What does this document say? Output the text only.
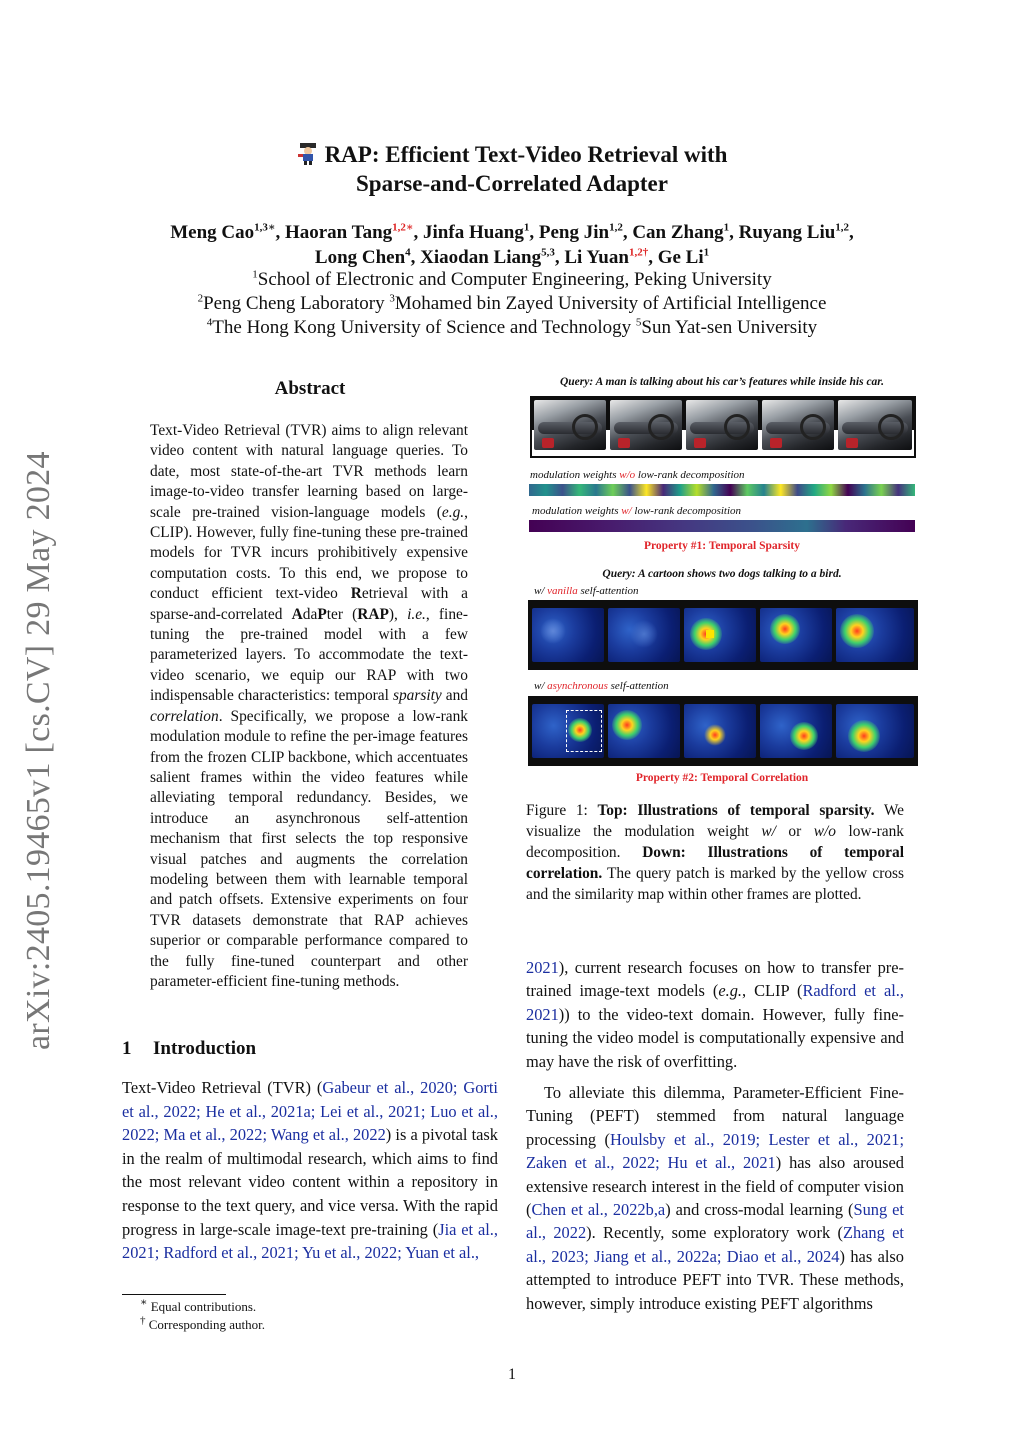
arXiv:2405.19465v1 [cs.CV] 29 May 2024
RAP: Efficient Text-Video Retrieval with
Sparse-and-Correlated Adapter
Meng Cao$^{1,3∗}$, Haoran Tang$^{1,2∗}$, Jinfa Huang$^1$, Peng Jin$^{1,2}$, Can Zhang$^1$, Ruyang Liu$^{1,2}$,
Long Chen$^4$, Xiaodan Liang$^{5,3}$, Li Yuan$^{1,2\dagger}$, Ge Li$^1$
$^1$School of Electronic and Computer Engineering, Peking University
$^2$Peng Cheng Laboratory $^3$Mohamed bin Zayed University of Artificial Intelligence
$^4$The Hong Kong University of Science and Technology $^5$Sun Yat-sen University
Abstract
Text-Video Retrieval (TVR) aims to align relevant video content with natural language queries. To date, most state-of-the-art TVR methods learn image-to-video transfer learning based on large-scale pre-trained vision-language models (e.g., CLIP). However, fully fine-tuning these pre-trained models for TVR incurs prohibitively expensive computation costs. To this end, we propose to conduct efficient text-video Retrieval with a sparse-and-correlated AdaPter (RAP), i.e., fine-tuning the pre-trained model with a few parameterized layers. To accommodate the text-video scenario, we equip our RAP with two indispensable characteristics: temporal sparsity and correlation. Specifically, we propose a low-rank modulation module to refine the per-image features from the frozen CLIP backbone, which accentuates salient frames within the video features while alleviating temporal redundancy. Besides, we introduce an asynchronous self-attention mechanism that first selects the top responsive visual patches and augments the correlation modeling between them with learnable temporal and patch offsets. Extensive experiments on four TVR datasets demonstrate that RAP achieves superior or comparable performance compared to the fully fine-tuned counterpart and other parameter-efficient fine-tuning methods.
1 Introduction
Text-Video Retrieval (TVR) (Gabeur et al., 2020; Gorti et al., 2022; He et al., 2021a; Lei et al., 2021; Luo et al., 2022; Ma et al., 2022; Wang et al., 2022) is a pivotal task in the realm of multimodal research, which aims to find the most relevant video content within a repository in response to the text query, and vice versa. With the rapid progress in large-scale image-text pre-training (Jia et al., 2021; Radford et al., 2021; Yu et al., 2022; Yuan et al.,
∗ Equal contributions.
† Corresponding author.
1
Query: A man is talking about his car’s features while inside his car.
modulation weights w/o low-rank decomposition
modulation weights w/ low-rank decomposition
Property #1: Temporal Sparsity
Query: A cartoon shows two dogs talking to a bird.
w/ vanilla self-attention
w/ asynchronous self-attention
Property #2: Temporal Correlation
Figure 1: Top: Illustrations of temporal sparsity. We visualize the modulation weight w/ or w/o low-rank decomposition. Down: Illustrations of temporal correlation. The query patch is marked by the yellow cross and the similarity map within other frames are plotted.
2021), current research focuses on how to transfer pre-trained image-text models (e.g., CLIP (Radford et al., 2021)) to the video-text domain. However, fully fine-tuning the video model is computationally expensive and may have the risk of overfitting.
To alleviate this dilemma, Parameter-Efficient Fine-Tuning (PEFT) stemmed from natural language processing (Houlsby et al., 2019; Lester et al., 2021; Zaken et al., 2022; Hu et al., 2021) has also aroused extensive research interest in the field of computer vision (Chen et al., 2022b,a) and cross-modal learning (Sung et al., 2022). Recently, some exploratory work (Zhang et al., 2023; Jiang et al., 2022a; Diao et al., 2024) has also attempted to introduce PEFT into TVR. These methods, however, simply introduce existing PEFT algorithms
